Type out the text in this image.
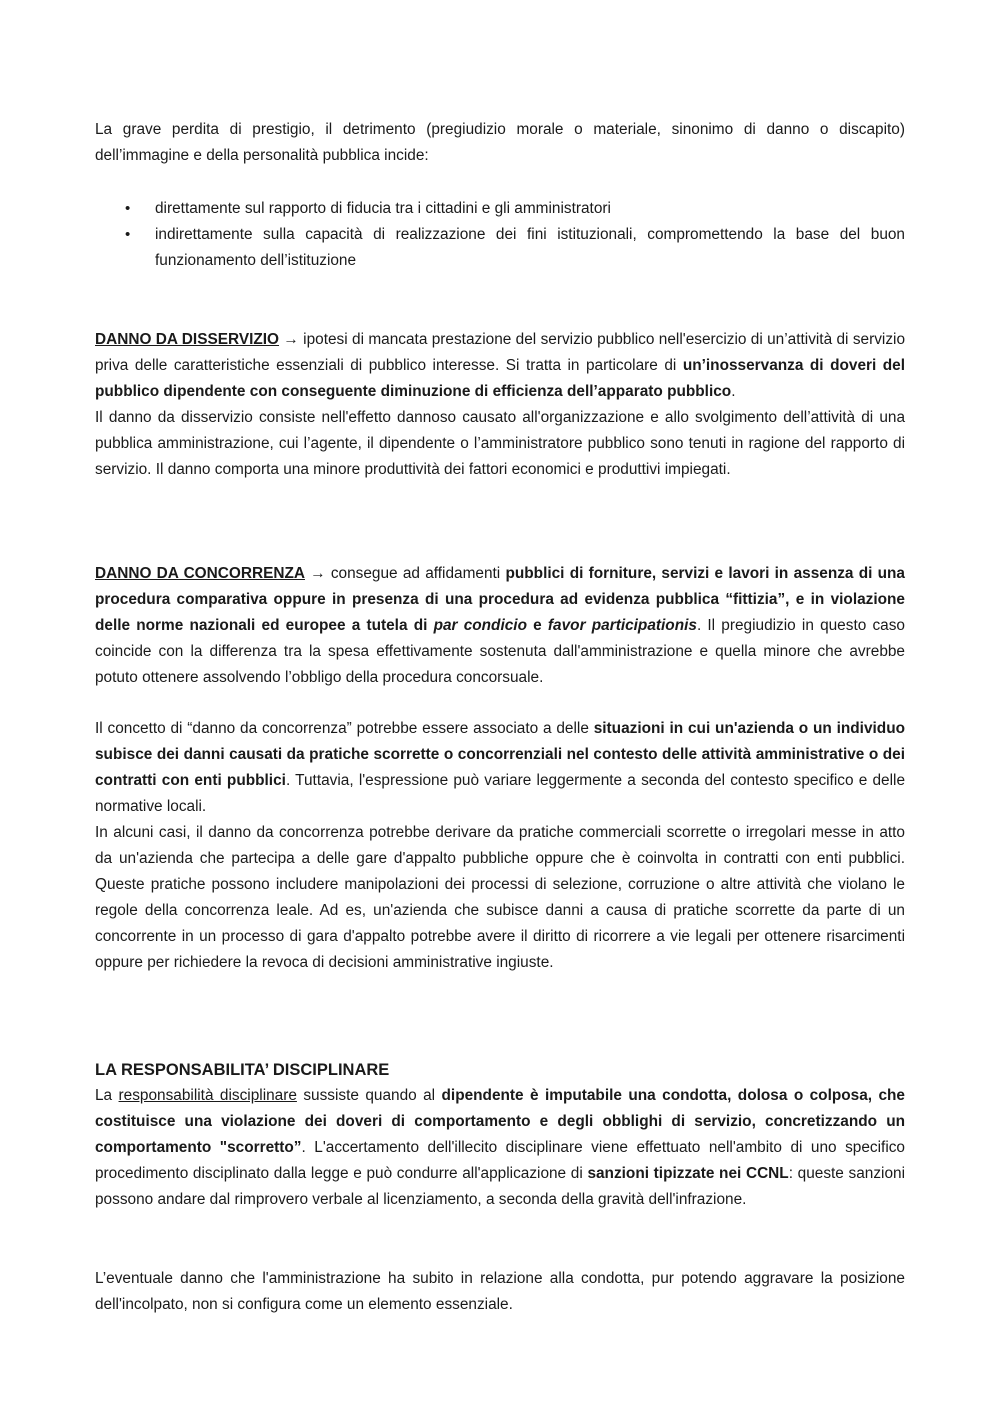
La grave perdita di prestigio, il detrimento (pregiudizio morale o materiale, sinonimo di danno o discapito) dell’immagine e della personalità pubblica incide:

• direttamente sul rapporto di fiducia tra i cittadini e gli amministratori
• indirettamente sulla capacità di realizzazione dei fini istituzionali, compromettendo la base del buon funzionamento dell’istituzione

DANNO DA DISSERVIZIO → ipotesi di mancata prestazione del servizio pubblico nell'esercizio di un’attività di servizio priva delle caratteristiche essenziali di pubblico interesse. Si tratta in particolare di un’inosservanza di doveri del pubblico dipendente con conseguente diminuzione di efficienza dell’apparato pubblico.

Il danno da disservizio consiste nell'effetto dannoso causato all'organizzazione e allo svolgimento dell’attività di una pubblica amministrazione, cui l’agente, il dipendente o l’amministratore pubblico sono tenuti in ragione del rapporto di servizio. Il danno comporta una minore produttività dei fattori economici e produttivi impiegati.

DANNO DA CONCORRENZA → consegue ad affidamenti pubblici di forniture, servizi e lavori in assenza di una procedura comparativa oppure in presenza di una procedura ad evidenza pubblica “fittizia”, e in violazione delle norme nazionali ed europee a tutela di par condicio e favor participationis. Il pregiudizio in questo caso coincide con la differenza tra la spesa effettivamente sostenuta dall'amministrazione e quella minore che avrebbe potuto ottenere assolvendo l’obbligo della procedura concorsuale.

Il concetto di “danno da concorrenza” potrebbe essere associato a delle situazioni in cui un'azienda o un individuo subisce dei danni causati da pratiche scorrette o concorrenziali nel contesto delle attività amministrative o dei contratti con enti pubblici. Tuttavia, l'espressione può variare leggermente a seconda del contesto specifico e delle normative locali.

In alcuni casi, il danno da concorrenza potrebbe derivare da pratiche commerciali scorrette o irregolari messe in atto da un'azienda che partecipa a delle gare d'appalto pubbliche oppure che è coinvolta in contratti con enti pubblici. Queste pratiche possono includere manipolazioni dei processi di selezione, corruzione o altre attività che violano le regole della concorrenza leale. Ad es, un'azienda che subisce danni a causa di pratiche scorrette da parte di un concorrente in un processo di gara d'appalto potrebbe avere il diritto di ricorrere a vie legali per ottenere risarcimenti oppure per richiedere la revoca di decisioni amministrative ingiuste.

LA RESPONSABILITA’ DISCIPLINARE

La responsabilità disciplinare sussiste quando al dipendente è imputabile una condotta, dolosa o colposa, che costituisce una violazione dei doveri di comportamento e degli obblighi di servizio, concretizzando un comportamento "scorretto”. L'accertamento dell'illecito disciplinare viene effettuato nell'ambito di uno specifico procedimento disciplinato dalla legge e può condurre all'applicazione di sanzioni tipizzate nei CCNL: queste sanzioni possono andare dal rimprovero verbale al licenziamento, a seconda della gravità dell'infrazione.

L’eventuale danno che l'amministrazione ha subito in relazione alla condotta, pur potendo aggravare la posizione dell'incolpato, non si configura come un elemento essenziale.
